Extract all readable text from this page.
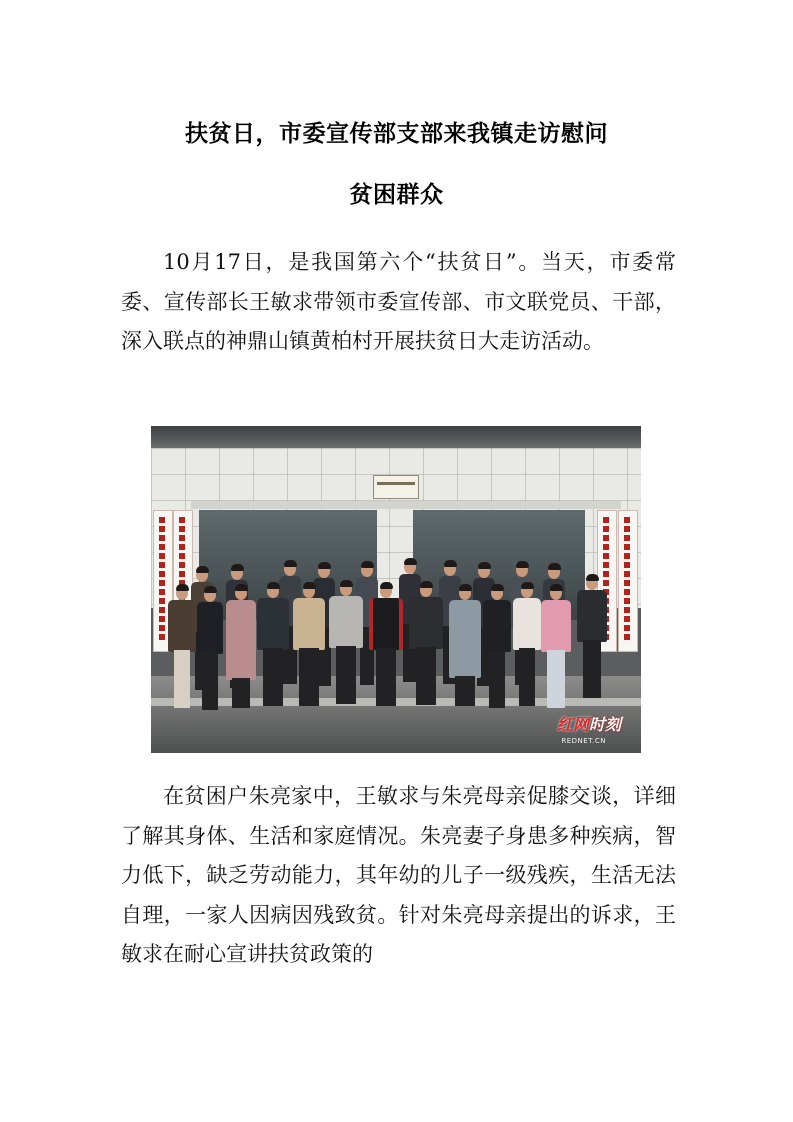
扶贫日，市委宣传部支部来我镇走访慰问
贫困群众

10月17日，是我国第六个“扶贫日”。当天，市委常委、宣传部长王敏求带领市委宣传部、市文联党员、干部，深入联点的神鼎山镇黄柏村开展扶贫日大走访活动。

红网时刻
REDNET.CN

在贫困户朱亮家中，王敏求与朱亮母亲促膝交谈，详细了解其身体、生活和家庭情况。朱亮妻子身患多种疾病，智力低下，缺乏劳动能力，其年幼的儿子一级残疾，生活无法自理，一家人因病因残致贫。针对朱亮母亲提出的诉求，王敏求在耐心宣讲扶贫政策的
